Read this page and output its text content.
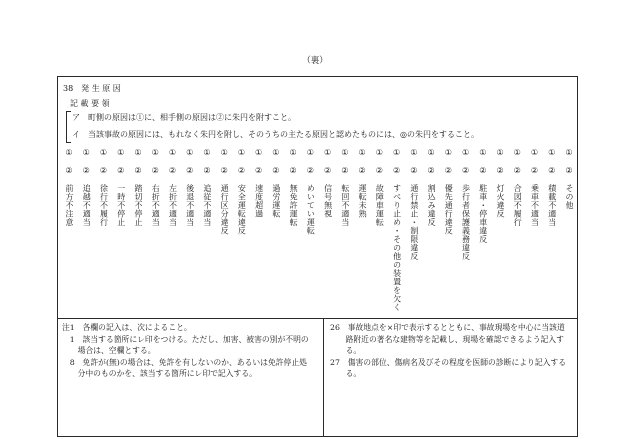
（裏）
38　発 生 原 因
記 載 要 領
ア　町側の原因は①に、相手側の原因は②に朱円を附すこと。
イ　当該事故の原因には、もれなく朱円を附し、そのうちの主たる原因と認めたものには、◎の朱円をすること。
①
②
前方不注意
①
②
追越不適当
①
②
徐行不履行
①
②
一時不停止
①
②
踏切不停止
①
②
右折不適当
①
②
左折不適当
①
②
後退不適当
①
②
追従不適当
①
②
通行区分違反
①
②
安全運転違反
①
②
速度超過
①
②
過労運転
①
②
無免許運転
①
②
めいてい運転
①
②
信号無視
①
②
転回不適当
①
②
運転未熟
①
②
故障車運転
①
②
すべり止め・その他の装置を欠く
①
②
通行禁止・制限違反
①
②
割込み違反
①
②
優先通行違反
①
②
歩行者保護義務違反
①
②
駐車・停車違反
①
②
灯火違反
①
②
合図不履行
①
②
乗車不適当
①
②
積載不適当
①
②
その他
注1　各欄の記入は、次によること。
　1　該当する箇所にレ印をつける。ただし、加害、被害の別が不明の
　　場合は、空欄とする。
　8　免許が(無)の場合は、免許を有しないのか、あるいは免許停止処
　　分中のものかを、該当する箇所にレ印で記入する。
26　事故地点を×印で表示するとともに、事故現場を中心に当該道
　　路附近の著名な建物等を記載し、現場を確認できるよう記入す
　　る。
27　傷害の部位、傷病名及びその程度を医師の診断により記入する
　　る。
